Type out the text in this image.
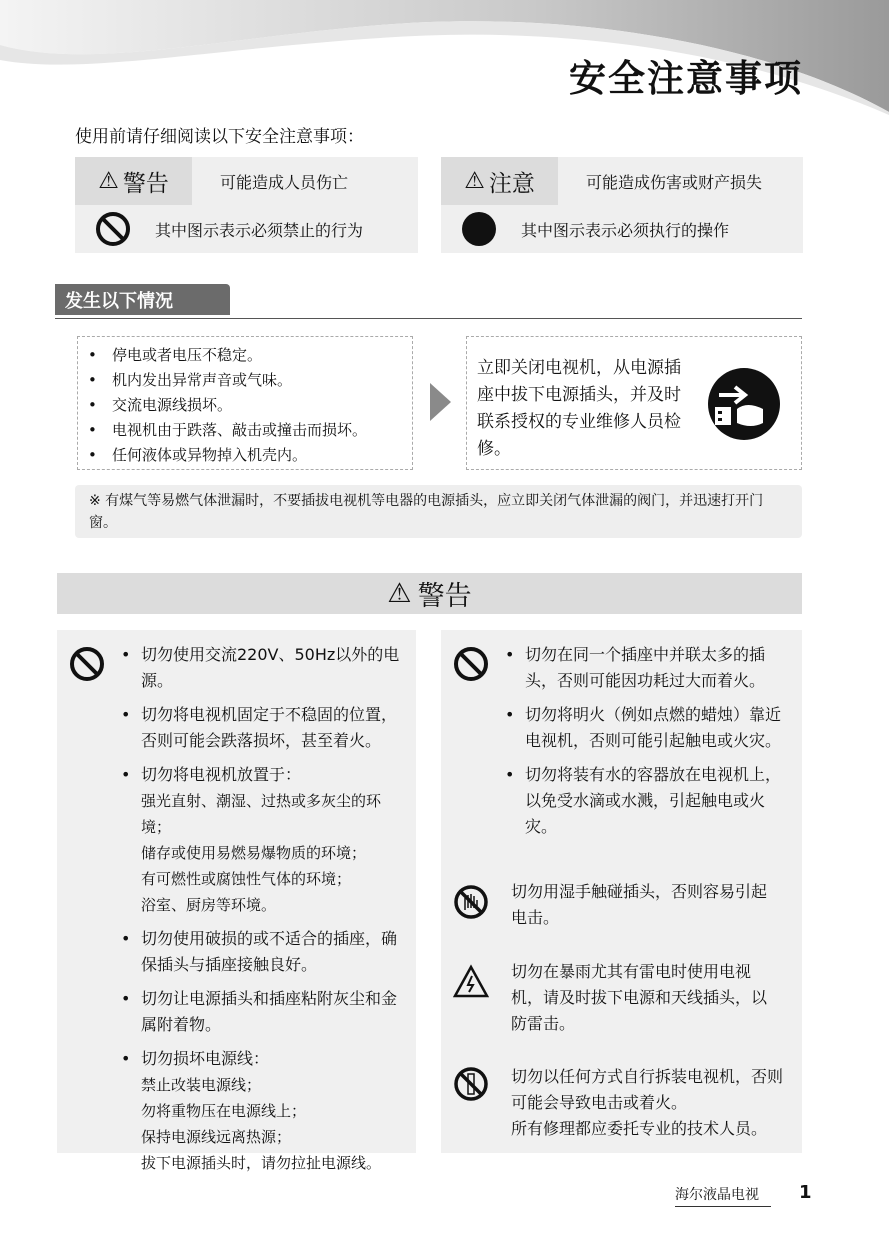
安全注意事项
使用前请仔细阅读以下安全注意事项：
⚠ 警告	可能造成人员伤亡
其中图示表示必须禁止的行为
⚠ 注意	可能造成伤害或财产损失
其中图示表示必须执行的操作
发生以下情况
• 停电或者电压不稳定。
• 机内发出异常声音或气味。
• 交流电源线损坏。
• 电视机由于跌落、敲击或撞击而损坏。
• 任何液体或异物掉入机壳内。
立即关闭电视机，从电源插座中拔下电源插头，并及时联系授权的专业维修人员检修。
※ 有煤气等易燃气体泄漏时，不要插拔电视机等电器的电源插头，应立即关闭气体泄漏的阀门，并迅速打开门窗。
⚠ 警告
• 切勿使用交流220V、50Hz以外的电源。
• 切勿将电视机固定于不稳固的位置，否则可能会跌落损坏，甚至着火。
• 切勿将电视机放置于：
强光直射、潮湿、过热或多灰尘的环境；
储存或使用易燃易爆物质的环境；
有可燃性或腐蚀性气体的环境；
浴室、厨房等环境。
• 切勿使用破损的或不适合的插座，确保插头与插座接触良好。
• 切勿让电源插头和插座粘附灰尘和金属附着物。
• 切勿损坏电源线：
禁止改装电源线；
勿将重物压在电源线上；
保持电源线远离热源；
拔下电源插头时，请勿拉扯电源线。
• 切勿在同一个插座中并联太多的插头，否则可能因功耗过大而着火。
• 切勿将明火（例如点燃的蜡烛）靠近电视机，否则可能引起触电或火灾。
• 切勿将装有水的容器放在电视机上，以免受水滴或水溅，引起触电或火灾。
切勿用湿手触碰插头，否则容易引起电击。
切勿在暴雨尤其有雷电时使用电视机，请及时拔下电源和天线插头，以防雷击。
切勿以任何方式自行拆装电视机，否则可能会导致电击或着火。
所有修理都应委托专业的技术人员。
海尔液晶电视	1
